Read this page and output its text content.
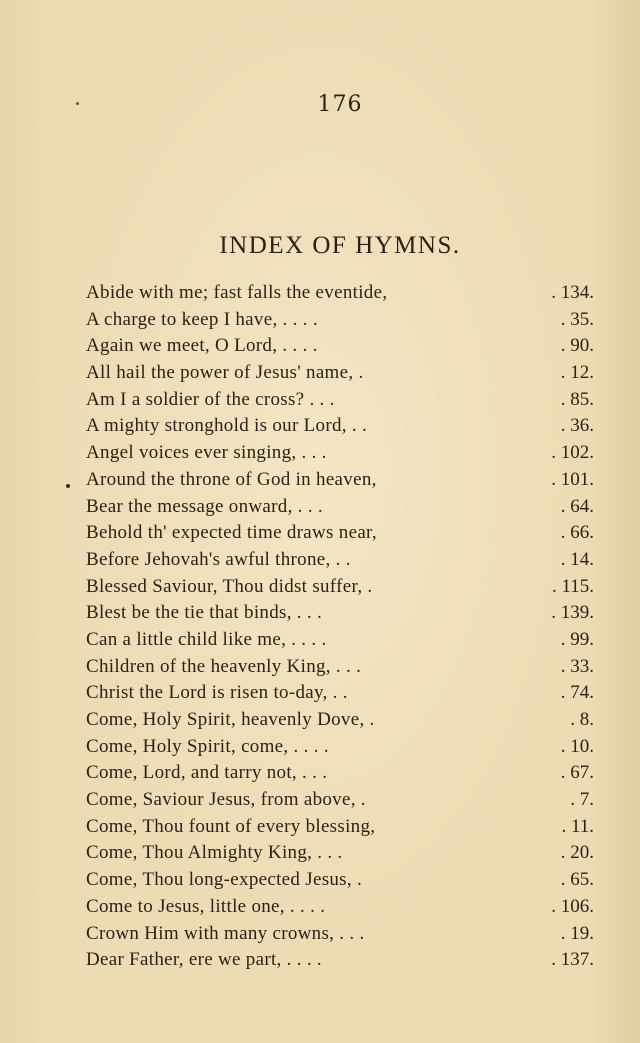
176
INDEX OF HYMNS.
Abide with me; fast falls the eventide,	. 134.
A charge to keep I have, . . . .	. 35.
Again we meet, O Lord, . . . .	. 90.
All hail the power of Jesus' name, .	. 12.
Am I a soldier of the cross? . . .	. 85.
A mighty stronghold is our Lord, . .	. 36.
Angel voices ever singing, . . .	. 102.
Around the throne of God in heaven,	. 101.
Bear the message onward, . . .	. 64.
Behold th' expected time draws near,	. 66.
Before Jehovah's awful throne, . .	. 14.
Blessed Saviour, Thou didst suffer, .	. 115.
Blest be the tie that binds, . . .	. 139.
Can a little child like me, . . . .	. 99.
Children of the heavenly King, . . .	. 33.
Christ the Lord is risen to-day, . .	. 74.
Come, Holy Spirit, heavenly Dove, .	. 8.
Come, Holy Spirit, come, . . . .	. 10.
Come, Lord, and tarry not, . . .	. 67.
Come, Saviour Jesus, from above, .	. 7.
Come, Thou fount of every blessing,	. 11.
Come, Thou Almighty King, . . .	. 20.
Come, Thou long-expected Jesus, .	. 65.
Come to Jesus, little one, . . . .	. 106.
Crown Him with many crowns, . . .	. 19.
Dear Father, ere we part, . . . .	. 137.
